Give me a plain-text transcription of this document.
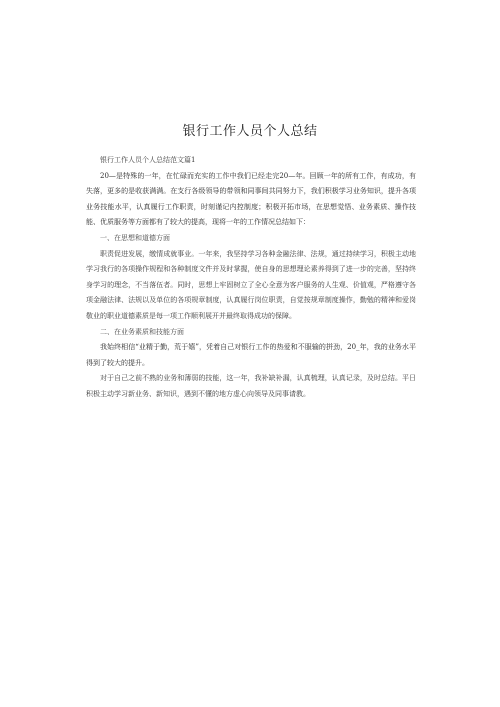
银行工作人员个人总结

银行工作人员个人总结范文篇1

20—是特殊的一年，在忙碌而充实的工作中我们已经走完20—年。回顾一年的所有工作，有成功，有失落，更多的是收获满满。在支行各级领导的带领和同事间共同努力下，我们积极学习业务知识，提升各项业务技能水平，认真履行工作职责，时刻谨记内控制度；积极开拓市场，在思想觉悟、业务素质、操作技能、优质服务等方面都有了较大的提高，现将一年的工作情况总结如下：

一、在思想和道德方面

职责促进发展，缴情成就事业。一年来，我坚持学习各种金融法律、法规，通过持续学习，积极主动地学习我行的各项操作规程和各种制度文件并及时掌握，使自身的思想理论素养得到了进一步的完善，坚持终身学习的理念，不当落伍者。同时，思想上牢固树立了全心全意为客户服务的人生观、价值观，严格遵守各项金融法律、法规以及单位的各项规章制度，认真履行岗位职责，自觉按规章制度操作，勤勉的精神和爱岗敬业的职业道德素质是每一项工作顺利展开并最终取得成功的保障。

二、在业务素质和技能方面

我始终相信“业精于勤，荒于嬉”，凭着自己对银行工作的热爱和不服输的拼劲，20_年，我的业务水平得到了较大的提升。

对于自己之前不熟的业务和薄弱的技能，这一年，我补缺补漏，认真梳理，认真记录，及时总结。平日积极主动学习新业务、新知识，遇到不懂的地方虚心向领导及同事请教。
